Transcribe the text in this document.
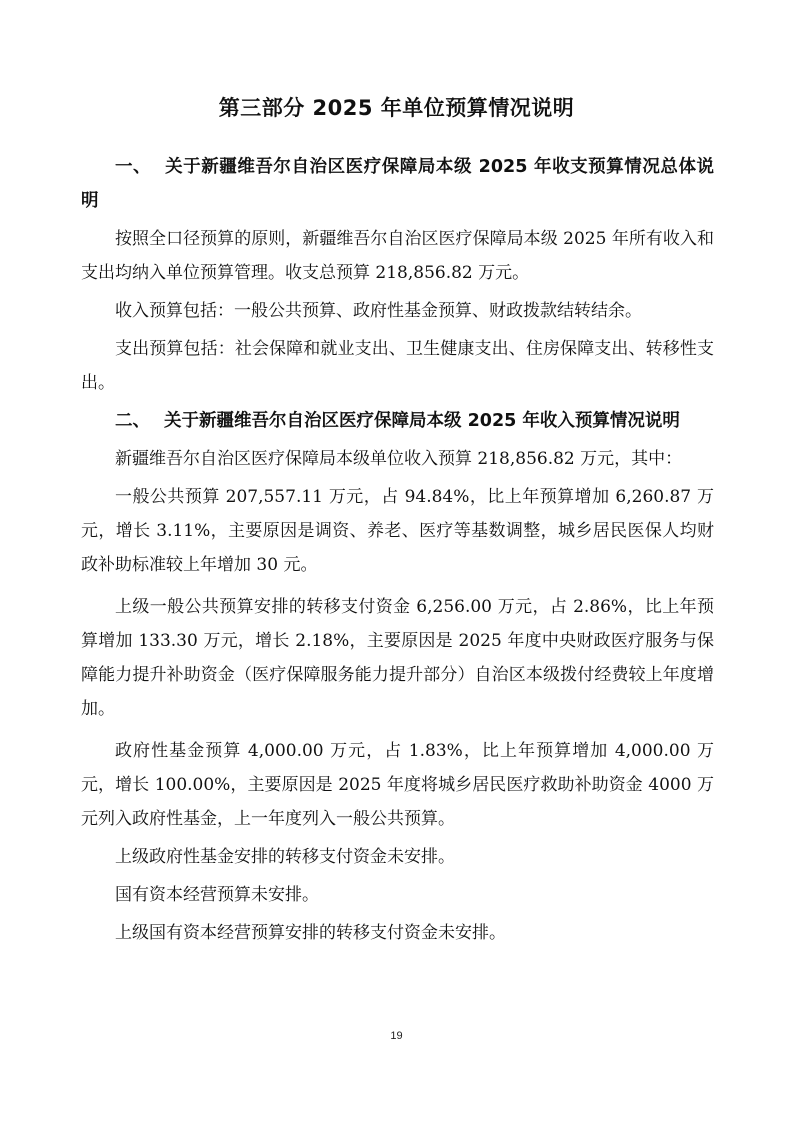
第三部分 2025 年单位预算情况说明
一、 关于新疆维吾尔自治区医疗保障局本级 2025 年收支预算情况总体说明

按照全口径预算的原则，新疆维吾尔自治区医疗保障局本级 2025 年所有收入和支出均纳入单位预算管理。收支总预算 218,856.82 万元。

收入预算包括：一般公共预算、政府性基金预算、财政拨款结转结余。

支出预算包括：社会保障和就业支出、卫生健康支出、住房保障支出、转移性支出。

二、 关于新疆维吾尔自治区医疗保障局本级 2025 年收入预算情况说明

新疆维吾尔自治区医疗保障局本级单位收入预算 218,856.82 万元，其中：

一般公共预算 207,557.11 万元，占 94.84%，比上年预算增加 6,260.87 万元，增长 3.11%，主要原因是调资、养老、医疗等基数调整，城乡居民医保人均财政补助标准较上年增加 30 元。

上级一般公共预算安排的转移支付资金 6,256.00 万元，占 2.86%，比上年预算增加 133.30 万元，增长 2.18%，主要原因是 2025 年度中央财政医疗服务与保障能力提升补助资金（医疗保障服务能力提升部分）自治区本级拨付经费较上年度增加。

政府性基金预算 4,000.00 万元，占 1.83%，比上年预算增加 4,000.00 万元，增长 100.00%，主要原因是 2025 年度将城乡居民医疗救助补助资金 4000 万元列入政府性基金，上一年度列入一般公共预算。

上级政府性基金安排的转移支付资金未安排。

国有资本经营预算未安排。

上级国有资本经营预算安排的转移支付资金未安排。

19
